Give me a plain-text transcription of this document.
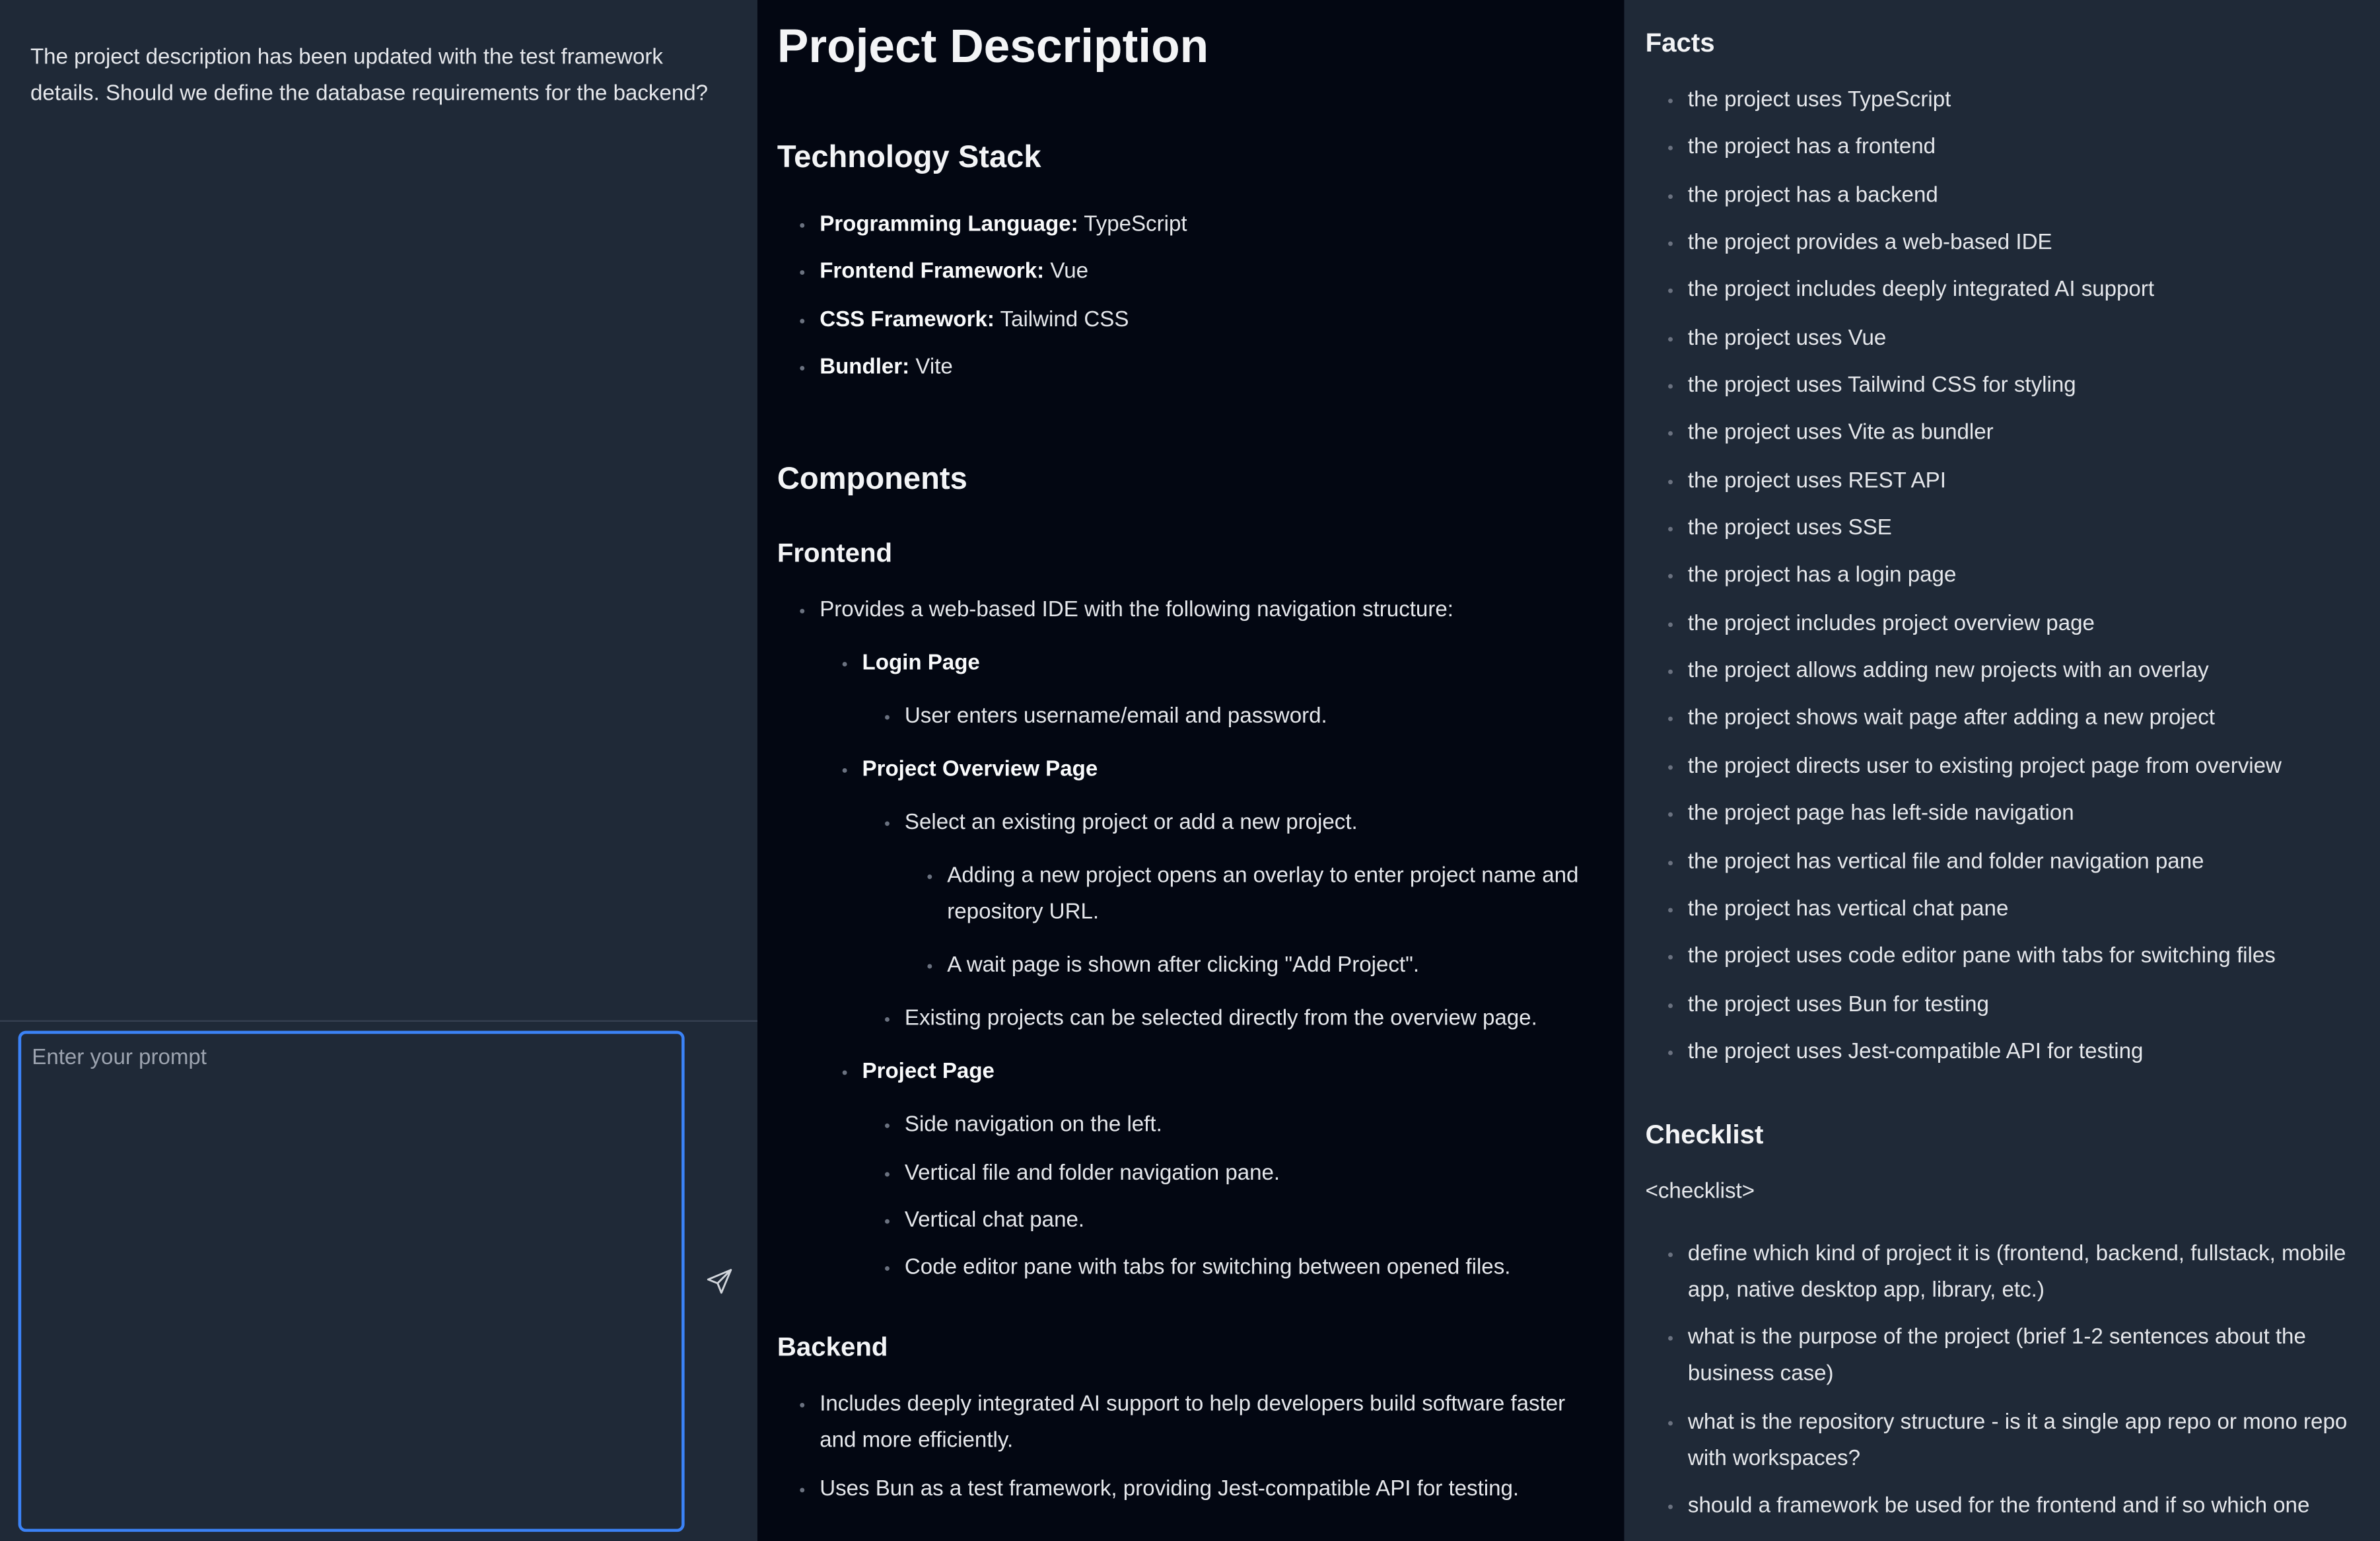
The project description has been updated with the test framework details. Should we define the database requirements for the backend?

Enter your prompt
Project Description
Technology Stack
• Programming Language: TypeScript
• Frontend Framework: Vue
• CSS Framework: Tailwind CSS
• Bundler: Vite
Components
Frontend
• Provides a web-based IDE with the following navigation structure:
• Login Page
• User enters username/email and password.
• Project Overview Page
• Select an existing project or add a new project.
• Adding a new project opens an overlay to enter project name and repository URL.
• A wait page is shown after clicking "Add Project".
• Existing projects can be selected directly from the overview page.
• Project Page
• Side navigation on the left.
• Vertical file and folder navigation pane.
• Vertical chat pane.
• Code editor pane with tabs for switching between opened files.
Backend
• Includes deeply integrated AI support to help developers build software faster and more efficiently.
• Uses Bun as a test framework, providing Jest-compatible API for testing.
Facts
• the project uses TypeScript
• the project has a frontend
• the project has a backend
• the project provides a web-based IDE
• the project includes deeply integrated AI support
• the project uses Vue
• the project uses Tailwind CSS for styling
• the project uses Vite as bundler
• the project uses REST API
• the project uses SSE
• the project has a login page
• the project includes project overview page
• the project allows adding new projects with an overlay
• the project shows wait page after adding a new project
• the project directs user to existing project page from overview
• the project page has left-side navigation
• the project has vertical file and folder navigation pane
• the project has vertical chat pane
• the project uses code editor pane with tabs for switching files
• the project uses Bun for testing
• the project uses Jest-compatible API for testing
Checklist

<checklist>

• define which kind of project it is (frontend, backend, fullstack, mobile app, native desktop app, library, etc.)
• what is the purpose of the project (brief 1-2 sentences about the business case)
• what is the repository structure - is it a single app repo or mono repo with workspaces?
• should a framework be used for the frontend and if so which one
